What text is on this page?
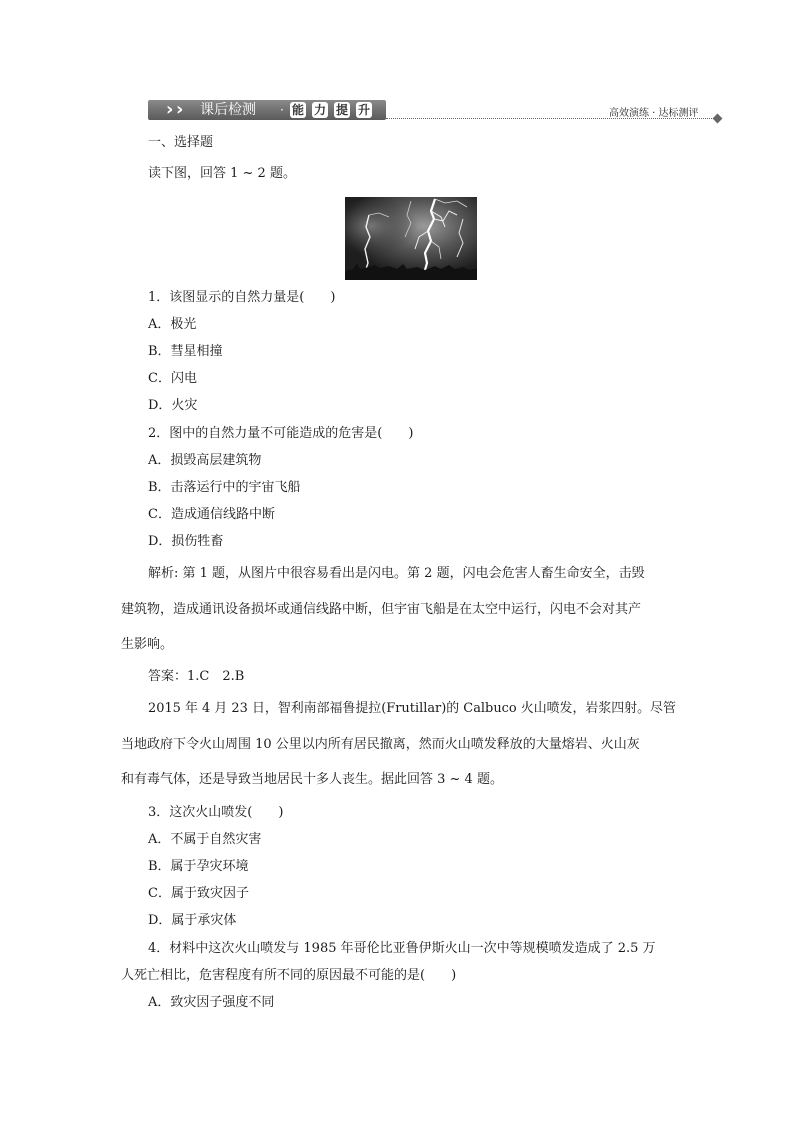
› ›	课后检测 · 能 力 提 升	高效演练 · 达标测评
一、选择题
读下图，回答 1 ~ 2 题。
1．该图显示的自然力量是(　　)
A．极光
B．彗星相撞
C．闪电
D．火灾
2．图中的自然力量不可能造成的危害是(　　)
A．损毁高层建筑物
B．击落运行中的宇宙飞船
C．造成通信线路中断
D．损伤牲畜
解析: 第 1 题，从图片中很容易看出是闪电。第 2 题，闪电会危害人畜生命安全，击毁
建筑物，造成通讯设备损坏或通信线路中断，但宇宙飞船是在太空中运行，闪电不会对其产
生影响。
答案：1.C　2.B
2015 年 4 月 23 日，智利南部福鲁提拉(Frutillar)的 Calbuco 火山喷发，岩浆四射。尽管
当地政府下令火山周围 10 公里以内所有居民撤离，然而火山喷发释放的大量熔岩、火山灰
和有毒气体，还是导致当地居民十多人丧生。据此回答 3 ~ 4 题。
3．这次火山喷发(　　)
A．不属于自然灾害
B．属于孕灾环境
C．属于致灾因子
D．属于承灾体
4．材料中这次火山喷发与 1985 年哥伦比亚鲁伊斯火山一次中等规模喷发造成了 2.5 万
人死亡相比，危害程度有所不同的原因最不可能的是(　　)
A．致灾因子强度不同
